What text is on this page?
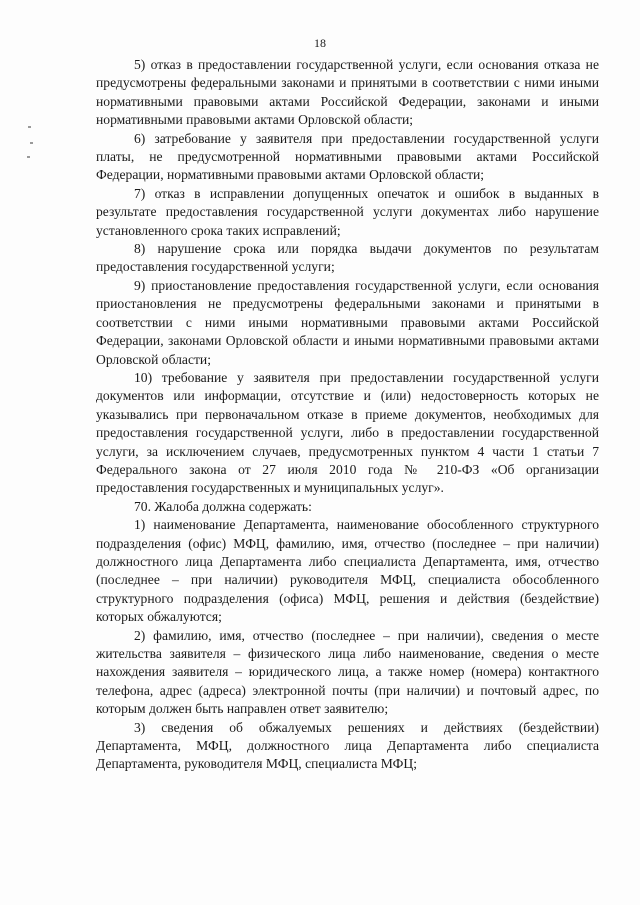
18

5) отказ в предоставлении государственной услуги, если основания отказа не предусмотрены федеральными законами и принятыми в соответствии с ними иными нормативными правовыми актами Российской Федерации, законами и иными нормативными правовыми актами Орловской области;

6) затребование у заявителя при предоставлении государственной услуги платы, не предусмотренной нормативными правовыми актами Российской Федерации, нормативными правовыми актами Орловской области;

7) отказ в исправлении допущенных опечаток и ошибок в выданных в результате предоставления государственной услуги документах либо нарушение установленного срока таких исправлений;

8) нарушение срока или порядка выдачи документов по результатам предоставления государственной услуги;

9) приостановление предоставления государственной услуги, если основания приостановления не предусмотрены федеральными законами и принятыми в соответствии с ними иными нормативными правовыми актами Российской Федерации, законами Орловской области и иными нормативными правовыми актами Орловской области;

10) требование у заявителя при предоставлении государственной услуги документов или информации, отсутствие и (или) недостоверность которых не указывались при первоначальном отказе в приеме документов, необходимых для предоставления государственной услуги, либо в предоставлении государственной услуги, за исключением случаев, предусмотренных пунктом 4 части 1 статьи 7 Федерального закона от 27 июля 2010 года № 210-ФЗ «Об организации предоставления государственных и муниципальных услуг».

70. Жалоба должна содержать:

1) наименование Департамента, наименование обособленного структурного подразделения (офис) МФЦ, фамилию, имя, отчество (последнее – при наличии) должностного лица Департамента либо специалиста Департамента, имя, отчество (последнее – при наличии) руководителя МФЦ, специалиста обособленного структурного подразделения (офиса) МФЦ, решения и действия (бездействие) которых обжалуются;

2) фамилию, имя, отчество (последнее – при наличии), сведения о месте жительства заявителя – физического лица либо наименование, сведения о месте нахождения заявителя – юридического лица, а также номер (номера) контактного телефона, адрес (адреса) электронной почты (при наличии) и почтовый адрес, по которым должен быть направлен ответ заявителю;

3) сведения об обжалуемых решениях и действиях (бездействии) Департамента, МФЦ, должностного лица Департамента либо специалиста Департамента, руководителя МФЦ, специалиста МФЦ;
